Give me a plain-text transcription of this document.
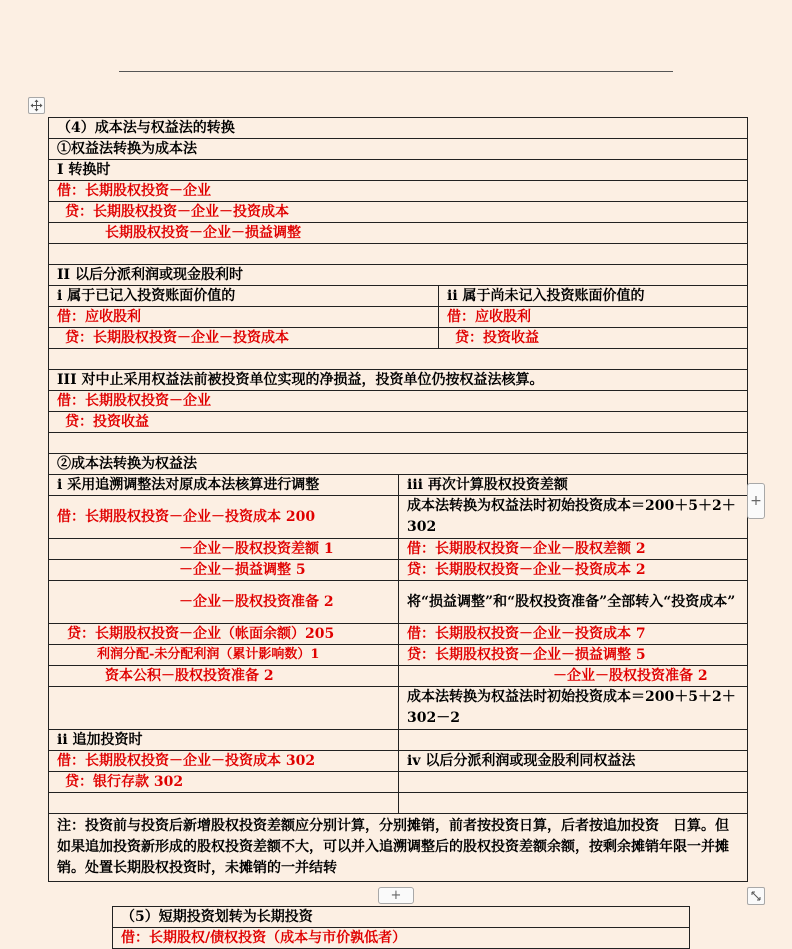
（4）成本法与权益法的转换		
①权益法转换为成本法		
I 转换时		
借：长期股权投资－企业		
贷：长期股权投资－企业－投资成本		
长期股权投资－企业－损益调整		

II 以后分派利润或现金股利时		
i 属于已记入投资账面价值的		ii 属于尚未记入投资账面价值的
借：应收股利		借：应收股利
贷：长期股权投资－企业－投资成本		贷：投资收益

III 对中止采用权益法前被投资单位实现的净损益，投资单位仍按权益法核算。		
借：长期股权投资－企业		
贷：投资收益		

②成本法转换为权益法		
i 采用追溯调整法对原成本法核算进行调整	iii 再次计算股权投资差额	
借：长期股权投资－企业－投资成本 200	成本法转换为权益法时初始投资成本＝200＋5＋2＋302	
－企业－股权投资差额 1	借：长期股权投资－企业－股权差额 2	
－企业－损益调整 5	贷：长期股权投资－企业－投资成本 2	
－企业－股权投资准备 2	将“损益调整”和“股权投资准备”全部转入“投资成本”	
贷：长期股权投资－企业（帐面余额）205	借：长期股权投资－企业－投资成本 7	
利润分配-未分配利润（累计影响数）1	贷：长期股权投资－企业－损益调整 5	
资本公积－股权投资准备 2	－企业－股权投资准备 2	
	成本法转换为权益法时初始投资成本＝200＋5＋2＋302－2	
ii 追加投资时		
借：长期股权投资－企业－投资成本 302	iv 以后分派利润或现金股利同权益法	
贷：银行存款 302		

注：投资前与投资后新增股权投资差额应分别计算，分别摊销，前者按投资日算，后者按追加投资　日算。但如果追加投资新形成的股权投资差额不大，可以并入追溯调整后的股权投资差额余额，按剩余摊销年限一并摊销。处置长期股权投资时，未摊销的一并结转		
+
+
（5）短期投资划转为长期投资
借：长期股权/债权投资（成本与市价孰低者）
